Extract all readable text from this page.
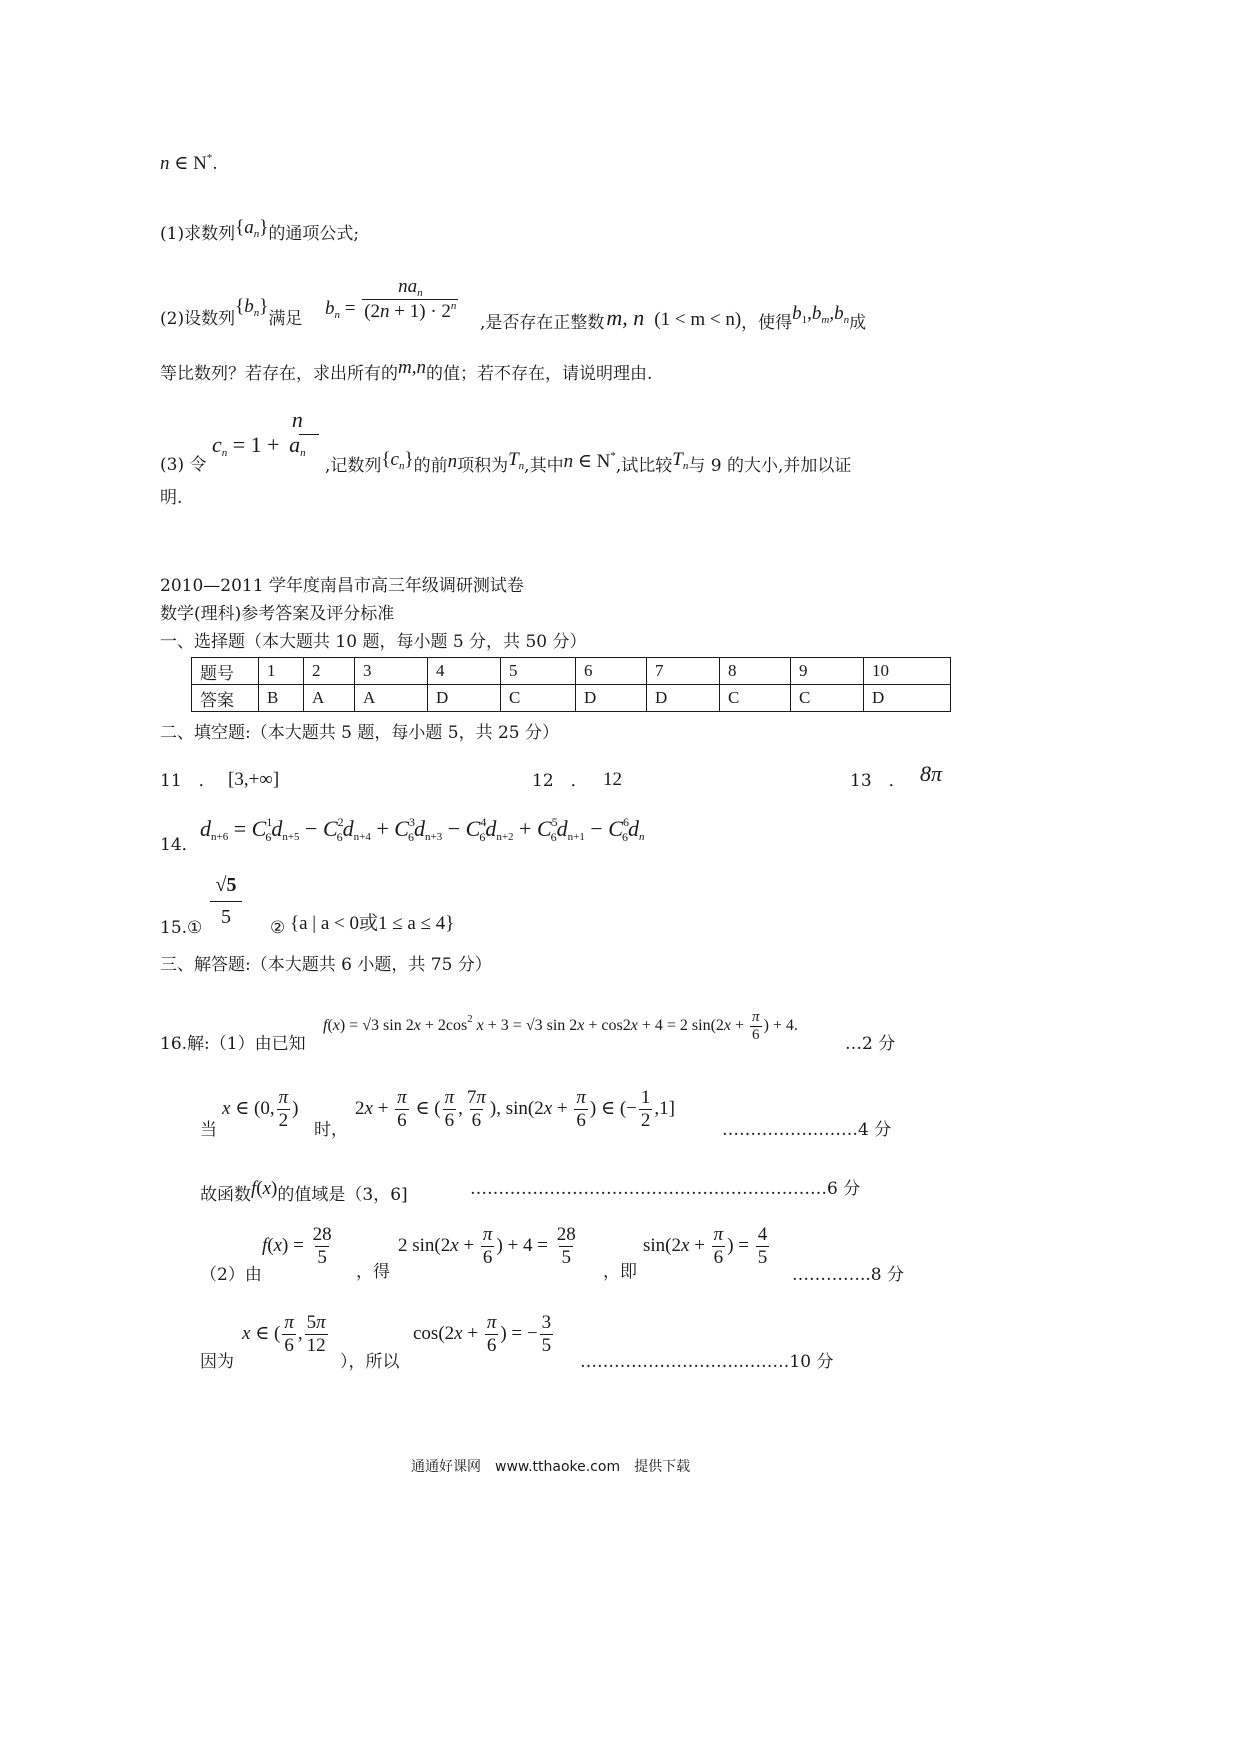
n ∈ N*.
(1)求数列$\{a_n\}$的通项公式;
(2)设数列$\{b_n\}$满足
$b_n = \frac{na_n}{(2n + 1) \cdot 2^n}$
,是否存在正整数m, n (1 < m < n)，使得$b_1,b_m,b_n$成
等比数列？若存在，求出所有的m,n的值；若不存在，请说明理由.
$c_n = 1$ +
n
$a_n$
(3) 令	,记数列$\{c_n\}$的前n项积为$T_n$,其中n ∈ N*,试比较$T_n$与 9 的大小,并加以证
明.
2010—2011 学年度南昌市高三年级调研测试卷
数学(理科)参考答案及评分标准
一、选择题（本大题共 10 题，每小题 5 分，共 50 分）
题号	1	2	3	4	5	6	7	8	9	10
答案	B	A	A	D	C	D	D	C	C	D
二、填空题:（本大题共 5 题，每小题 5，共 25 分）
11　． [3,+∞]	12　． 12	13　． 8π
14．
$d_{n+6} = C16d_{n+5} - C26d_{n+4} + C36d_{n+3} - C46d_{n+2} + C56d_{n+1} - C66d_n$
15.①
√5
5	② {a | a < 0或1 ≤ a ≤ 4}
三、解答题:（本大题共 6 小题，共 75 分）
f(x) = √3 $\sin 2x + 2\cos^2$ x + 3 = √3 sin 2x + cos2x + 4 = 2 $\sin(2x + \frac{\pi}{6}$ ) + 4.
16.解:（1）由已知	…2 分
当
x ∈ (0, $\frac{\pi}{2}$ )
时，
$2x + \frac{\pi}{6}$ ∈ ( $\frac{\pi}{6}$ , $\frac{7\pi}{6}$ ), $\sin(2x + \frac{\pi}{6}$ ) ∈ (− $\frac{1}{2} ,1$]
……………………4 分
故函数f(x)的值域是（3，6]	………………………………………………………6 分
（2）由
$f(x) = \frac{28}{5}$
，得
2 $\sin(2x + \frac{\pi}{6}$ ) + $4 = \frac{28}{5}$
，即
$\sin(2x + \frac{\pi}{6}$ ) = $\frac{4}{5}$
…………..8 分
因为
x ∈ ( $\frac{\pi}{6}$ , $\frac{5\pi}{12}$
），所以
$\cos(2x + \frac{\pi}{6}$ ) = − $\frac{3}{5}$
……………………….………10 分
通通好课网　www.tthaoke.com　提供下载
